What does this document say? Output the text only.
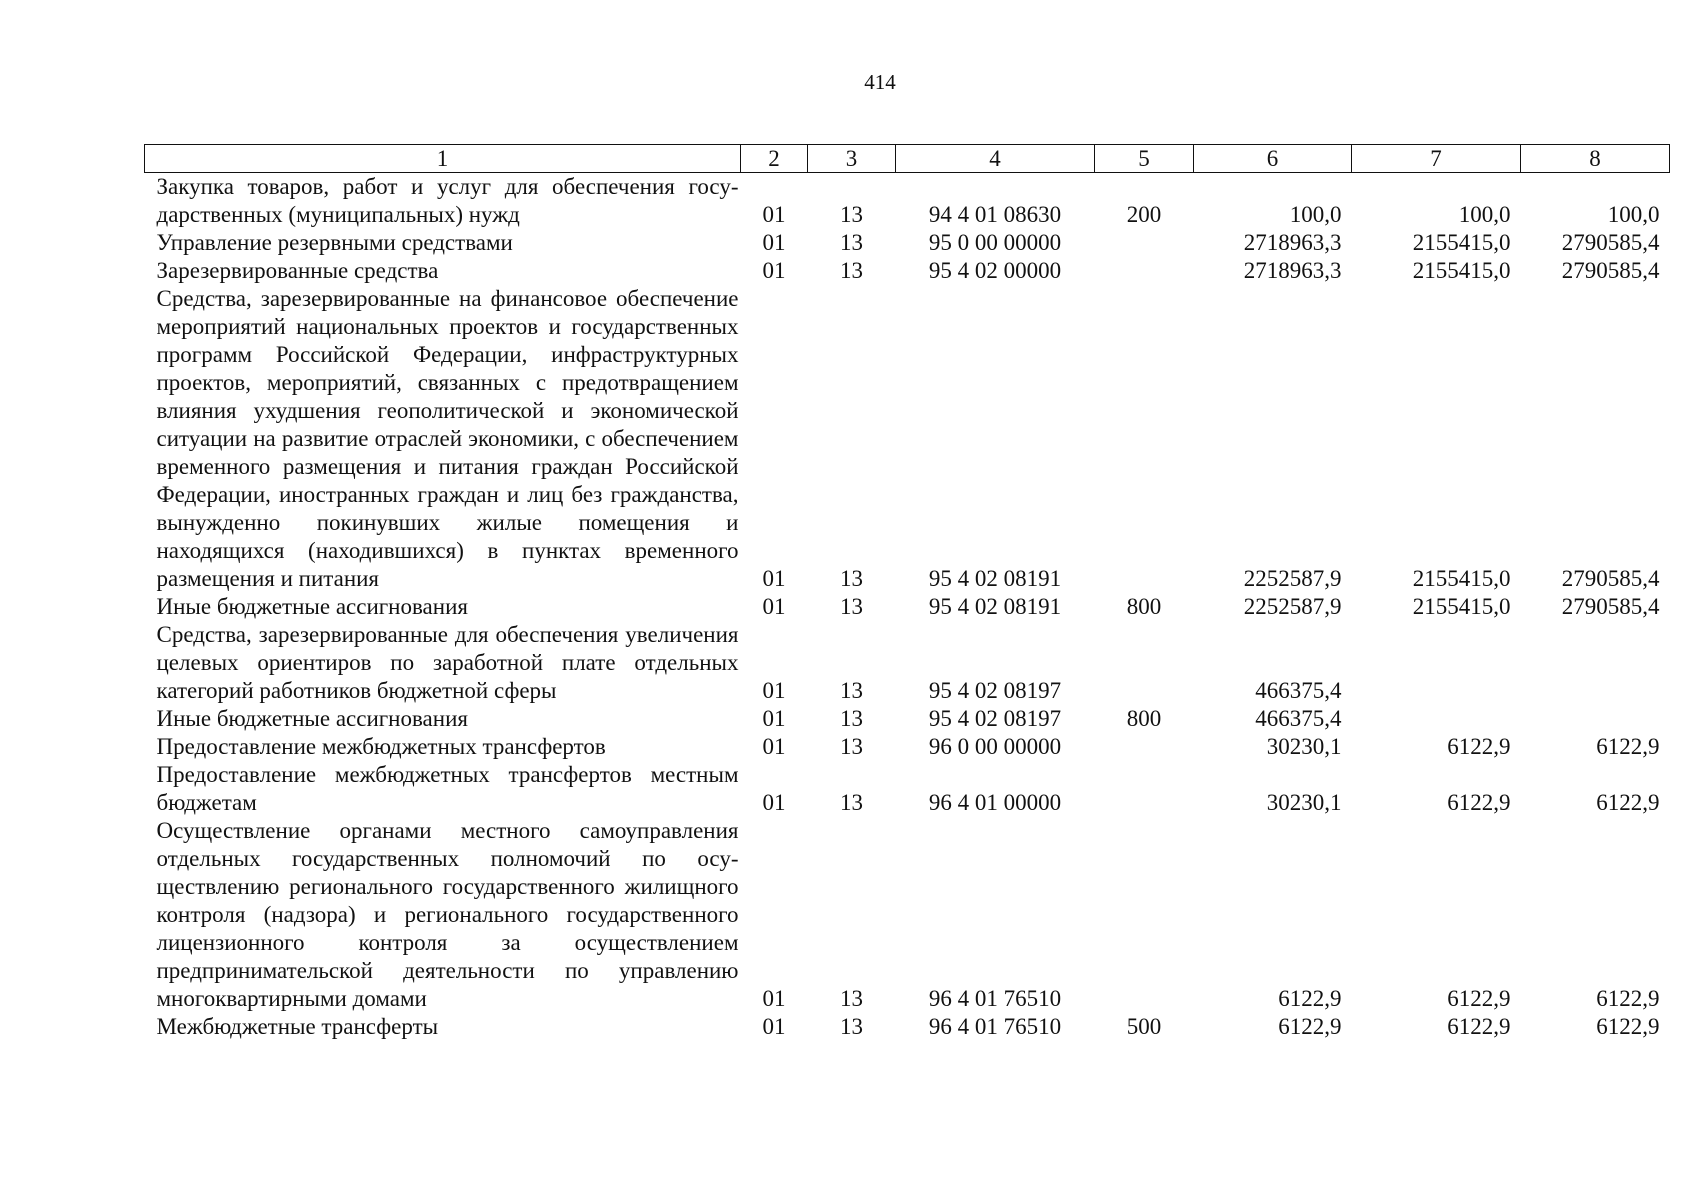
414
1	2	3	4	5	6	7	8
Закупка товаров, работ и услуг для обеспечения государственных (муниципальных) нужд	01	13	94 4 01 08630	200	100,0	100,0	100,0
Управление резервными средствами	01	13	95 0 00 00000		2718963,3	2155415,0	2790585,4
Зарезервированные средства	01	13	95 4 02 00000		2718963,3	2155415,0	2790585,4
Средства, зарезервированные на финансовое обеспечение мероприятий национальных проектов и государственных программ Российской Федерации, инфраструктурных проектов, мероприятий, связанных с предотвращением влияния ухудшения геополитической и экономической ситуации на развитие отраслей экономики, с обеспечением временного размещения и питания граждан Российской Федерации, иностранных граждан и лиц без гражданства, вынужденно покинувших жилые помещения и находящихся (находившихся) в пунктах временного размещения и питания	01	13	95 4 02 08191		2252587,9	2155415,0	2790585,4
Иные бюджетные ассигнования	01	13	95 4 02 08191	800	2252587,9	2155415,0	2790585,4
Средства, зарезервированные для обеспечения увеличения целевых ориентиров по заработной плате отдельных категорий работников бюджетной сферы	01	13	95 4 02 08197		466375,4		
Иные бюджетные ассигнования	01	13	95 4 02 08197	800	466375,4		
Предоставление межбюджетных трансфертов	01	13	96 0 00 00000		30230,1	6122,9	6122,9
Предоставление межбюджетных трансфертов местным бюджетам	01	13	96 4 01 00000		30230,1	6122,9	6122,9
Осуществление органами местного самоуправления отдельных государственных полномочий по осуществлению регионального государственного жилищного контроля (надзора) и регионального государственного лицензионного контроля за осуществлением предпринимательской деятельности по управлению многоквартирными домами	01	13	96 4 01 76510		6122,9	6122,9	6122,9
Межбюджетные трансферты	01	13	96 4 01 76510	500	6122,9	6122,9	6122,9
